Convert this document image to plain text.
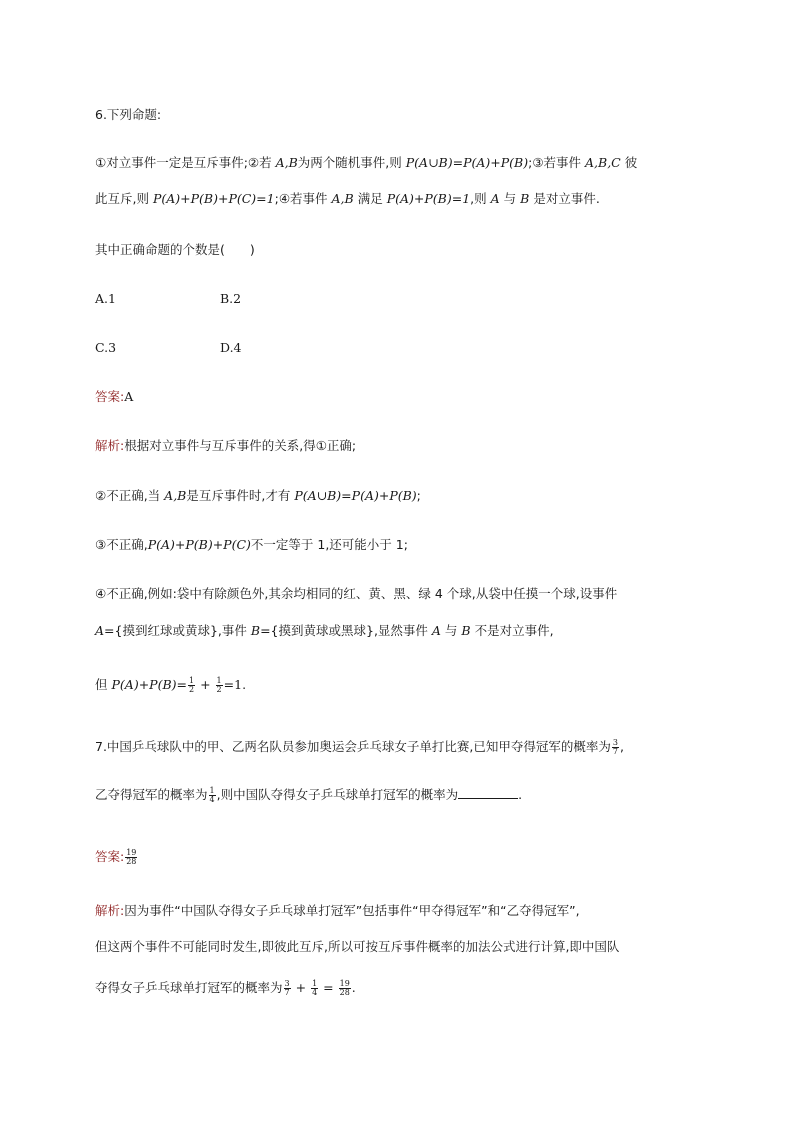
6.下列命题:
①对立事件一定是互斥事件;②若 A,B为两个随机事件,则 P(A∪B)=P(A)+P(B);③若事件 A,B,C 彼
此互斥,则 P(A)+P(B)+P(C)=1;④若事件 A,B 满足 P(A)+P(B)=1,则 A 与 B 是对立事件.
其中正确命题的个数是(　　)
A.1	B.2
C.3	D.4
答案:A
解析:根据对立事件与互斥事件的关系,得①正确;
②不正确,当 A,B是互斥事件时,才有 P(A∪B)=P(A)+P(B);
③不正确,P(A)+P(B)+P(C)不一定等于 1,还可能小于 1;
④不正确,例如:袋中有除颜色外,其余均相同的红、黄、黑、绿 4 个球,从袋中任摸一个球,设事件
A={摸到红球或黄球},事件 B={摸到黄球或黑球},显然事件 A 与 B 不是对立事件,
但 $P(A)+P(B)= \frac{1}{2} + \frac{1}{2} =1$.
7.中国乒乓球队中的甲、乙两名队员参加奥运会乒乓球女子单打比赛,已知甲夺得冠军的概率为 $\frac{3}{7}$ ,
乙夺得冠军的概率为 $\frac{1}{4}$ ,则中国队夺得女子乒乓球单打冠军的概率为	.
答案: $\frac{19}{28}$
解析:因为事件“中国队夺得女子乒乓球单打冠军”包括事件“甲夺得冠军”和“乙夺得冠军”,
但这两个事件不可能同时发生,即彼此互斥,所以可按互斥事件概率的加法公式进行计算,即中国队
夺得女子乒乓球单打冠军的概率为 $\frac{3}{7} + \frac{1}{4} = \frac{19}{28}$ .
